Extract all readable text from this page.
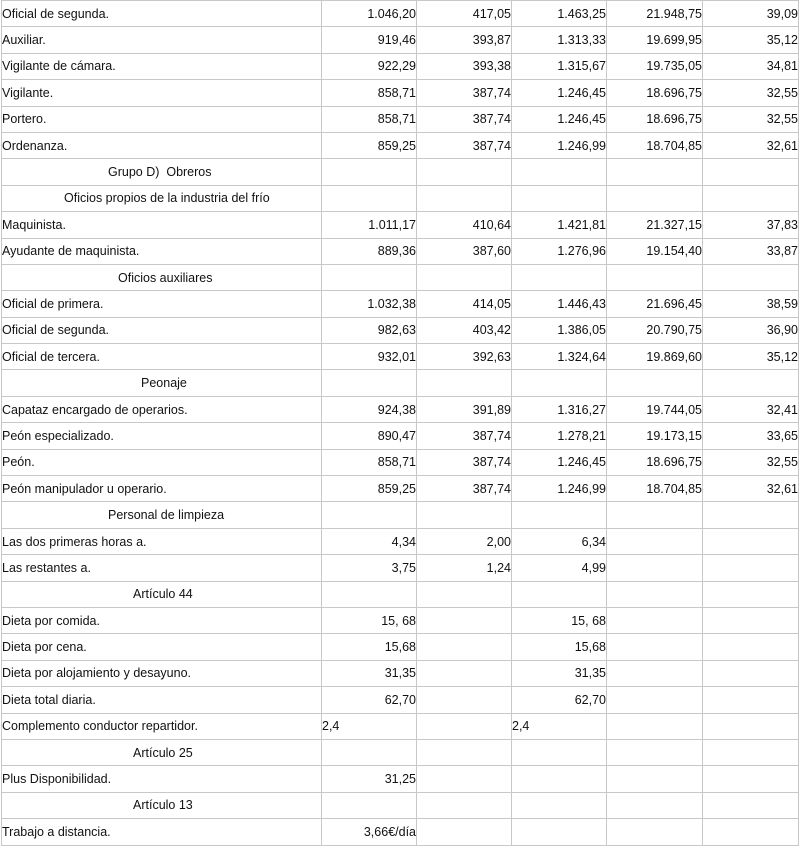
Oficial de segunda.	1.046,20	417,05	1.463,25	21.948,75	39,09
Auxiliar.	919,46	393,87	1.313,33	19.699,95	35,12
Vigilante de cámara.	922,29	393,38	1.315,67	19.735,05	34,81
Vigilante.	858,71	387,74	1.246,45	18.696,75	32,55
Portero.	858,71	387,74	1.246,45	18.696,75	32,55
Ordenanza.	859,25	387,74	1.246,99	18.704,85	32,61
Grupo D)  Obreros					
Oficios propios de la industria del frío					
Maquinista.	1.011,17	410,64	1.421,81	21.327,15	37,83
Ayudante de maquinista.	889,36	387,60	1.276,96	19.154,40	33,87
Oficios auxiliares					
Oficial de primera.	1.032,38	414,05	1.446,43	21.696,45	38,59
Oficial de segunda.	982,63	403,42	1.386,05	20.790,75	36,90
Oficial de tercera.	932,01	392,63	1.324,64	19.869,60	35,12
Peonaje					
Capataz encargado de operarios.	924,38	391,89	1.316,27	19.744,05	32,41
Peón especializado.	890,47	387,74	1.278,21	19.173,15	33,65
Peón.	858,71	387,74	1.246,45	18.696,75	32,55
Peón manipulador u operario.	859,25	387,74	1.246,99	18.704,85	32,61
Personal de limpieza					
Las dos primeras horas a.	4,34	2,00	6,34		
Las restantes a.	3,75	1,24	4,99		
Artículo 44					
Dieta por comida.	15, 68		15, 68		
Dieta por cena.	15,68		15,68		
Dieta por alojamiento y desayuno.	31,35		31,35		
Dieta total diaria.	62,70		62,70		
Complemento conductor repartidor.	2,4		2,4		
Artículo 25					
Plus Disponibilidad.	31,25				
Artículo 13					
Trabajo a distancia.	3,66€/día				
